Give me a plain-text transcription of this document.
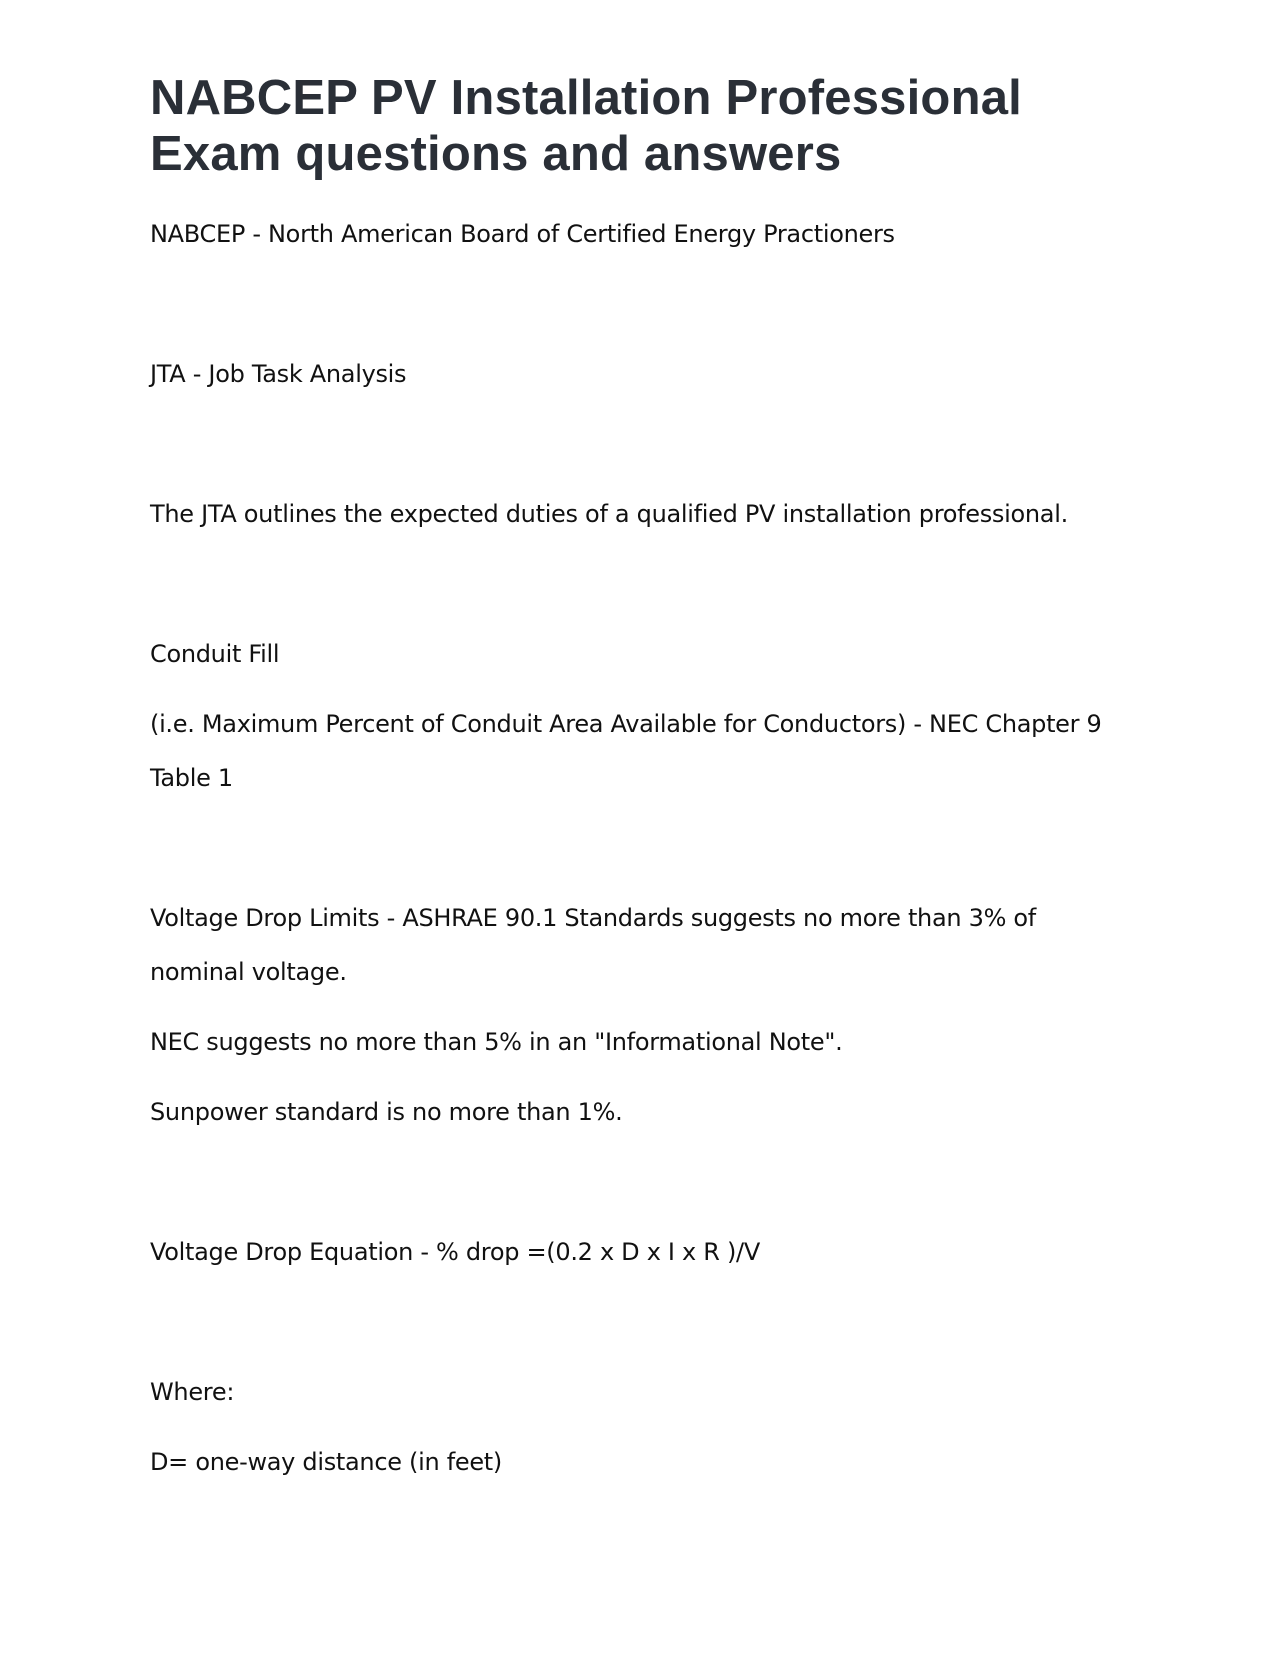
NABCEP PV Installation Professional
Exam questions and answers
NABCEP - North American Board of Certified Energy Practioners
JTA - Job Task Analysis
The JTA outlines the expected duties of a qualified PV installation professional.
Conduit Fill
(i.e. Maximum Percent of Conduit Area Available for Conductors) - NEC Chapter 9
Table 1
Voltage Drop Limits - ASHRAE 90.1 Standards suggests no more than 3% of
nominal voltage.
NEC suggests no more than 5% in an "Informational Note".
Sunpower standard is no more than 1%.
Voltage Drop Equation - % drop =(0.2 x D x I x R )/V
Where:
D= one-way distance (in feet)
